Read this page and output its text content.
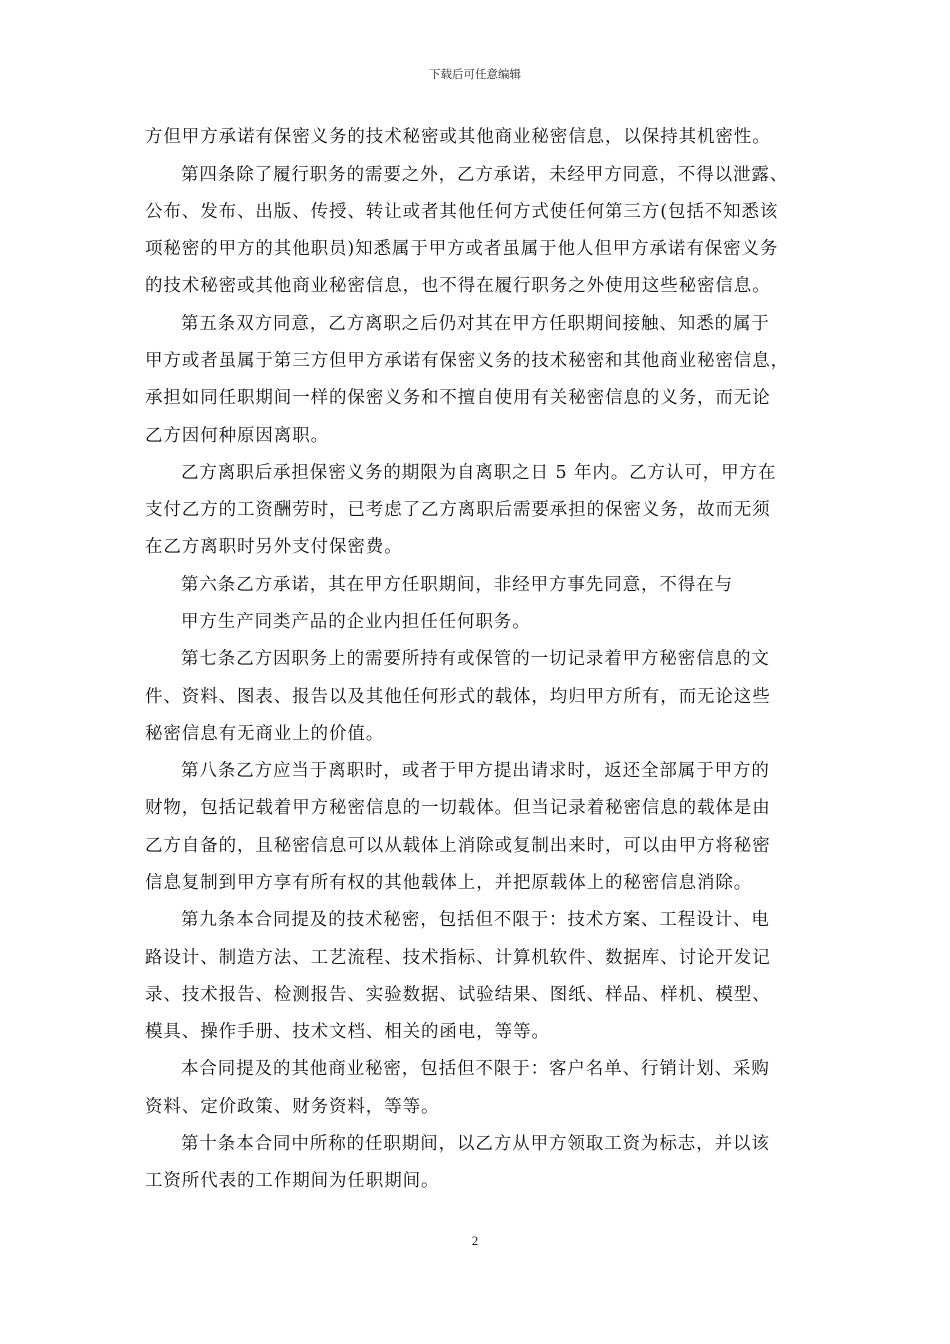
下载后可任意编辑
方但甲方承诺有保密义务的技术秘密或其他商业秘密信息，以保持其机密性。
第四条除了履行职务的需要之外，乙方承诺，未经甲方同意，不得以泄露、
公布、发布、出版、传授、转让或者其他任何方式使任何第三方(包括不知悉该
项秘密的甲方的其他职员)知悉属于甲方或者虽属于他人但甲方承诺有保密义务
的技术秘密或其他商业秘密信息，也不得在履行职务之外使用这些秘密信息。
第五条双方同意，乙方离职之后仍对其在甲方任职期间接触、知悉的属于
甲方或者虽属于第三方但甲方承诺有保密义务的技术秘密和其他商业秘密信息，
承担如同任职期间一样的保密义务和不擅自使用有关秘密信息的义务，而无论
乙方因何种原因离职。
乙方离职后承担保密义务的期限为自离职之日 5 年内。乙方认可，甲方在
支付乙方的工资酬劳时，已考虑了乙方离职后需要承担的保密义务，故而无须
在乙方离职时另外支付保密费。
第六条乙方承诺，其在甲方任职期间，非经甲方事先同意，不得在与
甲方生产同类产品的企业内担任任何职务。
第七条乙方因职务上的需要所持有或保管的一切记录着甲方秘密信息的文
件、资料、图表、报告以及其他任何形式的载体，均归甲方所有，而无论这些
秘密信息有无商业上的价值。
第八条乙方应当于离职时，或者于甲方提出请求时，返还全部属于甲方的
财物，包括记载着甲方秘密信息的一切载体。但当记录着秘密信息的载体是由
乙方自备的，且秘密信息可以从载体上消除或复制出来时，可以由甲方将秘密
信息复制到甲方享有所有权的其他载体上，并把原载体上的秘密信息消除。
第九条本合同提及的技术秘密，包括但不限于：技术方案、工程设计、电
路设计、制造方法、工艺流程、技术指标、计算机软件、数据库、讨论开发记
录、技术报告、检测报告、实验数据、试验结果、图纸、样品、样机、模型、
模具、操作手册、技术文档、相关的函电，等等。
本合同提及的其他商业秘密，包括但不限于：客户名单、行销计划、采购
资料、定价政策、财务资料，等等。
第十条本合同中所称的任职期间，以乙方从甲方领取工资为标志，并以该
工资所代表的工作期间为任职期间。
2
